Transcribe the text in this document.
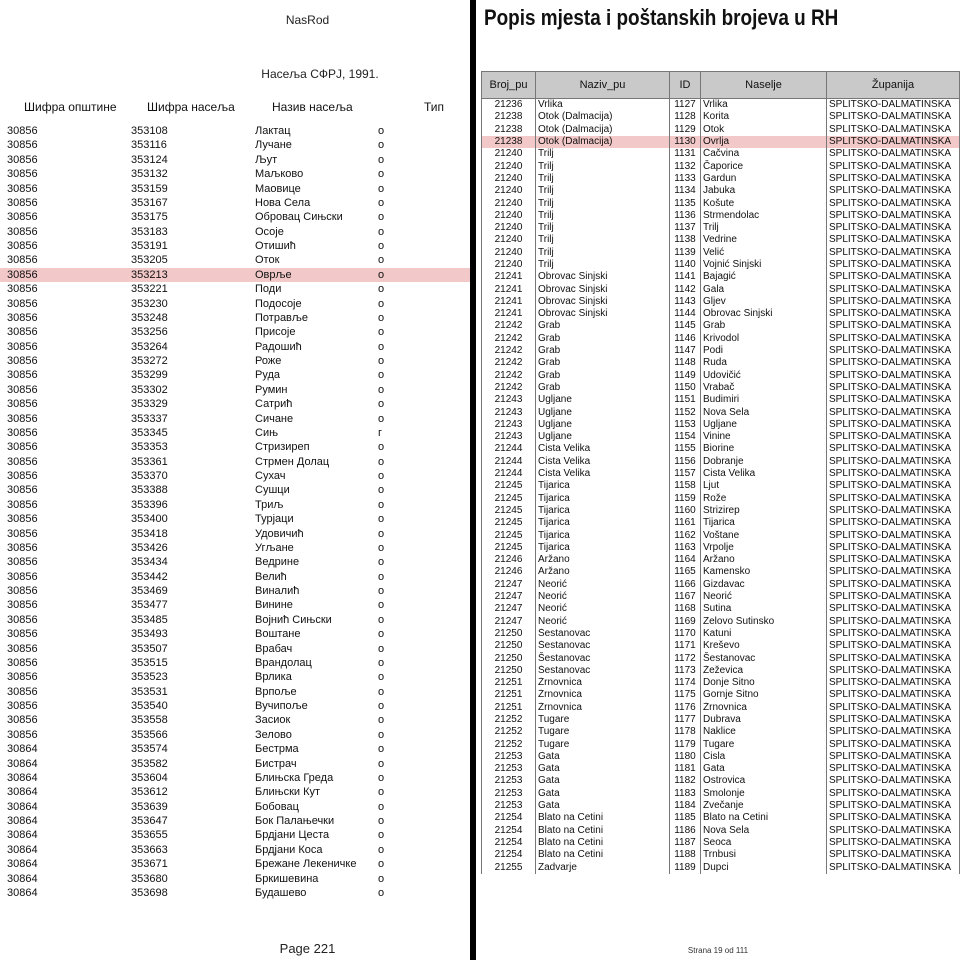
NasRod
Насеља СФРЈ, 1991.
Шифра општине	Шифра насеља	Назив насеља	Тип
30856	353108	Лактац	о
30856	353116	Лучане	о
30856	353124	Љут	о
30856	353132	Маљково	о
30856	353159	Маовице	о
30856	353167	Нова Села	о
30856	353175	Обровац Сињски	о
30856	353183	Осоје	о
30856	353191	Отишић	о
30856	353205	Оток	о
30856	353213	Оврље	о
30856	353221	Поди	о
30856	353230	Подосоје	о
30856	353248	Потравље	о
30856	353256	Присоје	о
30856	353264	Радошић	о
30856	353272	Роже	о
30856	353299	Руда	о
30856	353302	Румин	о
30856	353329	Сатрић	о
30856	353337	Сичане	о
30856	353345	Сињ	г
30856	353353	Стризиреп	о
30856	353361	Стрмен Долац	о
30856	353370	Сухач	о
30856	353388	Сушци	о
30856	353396	Триљ	о
30856	353400	Турјаци	о
30856	353418	Удовичић	о
30856	353426	Угљане	о
30856	353434	Ведрине	о
30856	353442	Велић	о
30856	353469	Виналић	о
30856	353477	Винине	о
30856	353485	Војнић Сињски	о
30856	353493	Воштане	о
30856	353507	Врабач	о
30856	353515	Врандолац	о
30856	353523	Врлика	о
30856	353531	Врпоље	о
30856	353540	Вучипоље	о
30856	353558	Засиок	о
30856	353566	Зелово	о
30864	353574	Бестрма	о
30864	353582	Бистрач	о
30864	353604	Блињска Греда	о
30864	353612	Блињски Кут	о
30864	353639	Бобовац	о
30864	353647	Бок Палањечки	о
30864	353655	Брдјани Цеста	о
30864	353663	Брдјани Коса	о
30864	353671	Брежане Лекеничке о
30864	353680	Бркишевина	о
30864	353698	Будашево	о
Page 221
Popis mjesta i poštanskih brojeva u RH
Broj_pu	Naziv_pu	ID	Naselje	Županija
21236	Vrlika	1127	Vrlika	SPLITSKO-DALMATINSKA
21238	Otok (Dalmacija)	1128	Korita	SPLITSKO-DALMATINSKA
21238	Otok (Dalmacija)	1129	Otok	SPLITSKO-DALMATINSKA
21238	Otok (Dalmacija)	1130	Ovrlja	SPLITSKO-DALMATINSKA
21240	Trilj	1131	Čačvina	SPLITSKO-DALMATINSKA
21240	Trilj	1132	Čaporice	SPLITSKO-DALMATINSKA
21240	Trilj	1133	Gardun	SPLITSKO-DALMATINSKA
21240	Trilj	1134	Jabuka	SPLITSKO-DALMATINSKA
21240	Trilj	1135	Košute	SPLITSKO-DALMATINSKA
21240	Trilj	1136	Strmendolac	SPLITSKO-DALMATINSKA
21240	Trilj	1137	Trilj	SPLITSKO-DALMATINSKA
21240	Trilj	1138	Vedrine	SPLITSKO-DALMATINSKA
21240	Trilj	1139	Velić	SPLITSKO-DALMATINSKA
21240	Trilj	1140	Vojnić Sinjski	SPLITSKO-DALMATINSKA
21241	Obrovac Sinjski	1141	Bajagić	SPLITSKO-DALMATINSKA
21241	Obrovac Sinjski	1142	Gala	SPLITSKO-DALMATINSKA
21241	Obrovac Sinjski	1143	Gljev	SPLITSKO-DALMATINSKA
21241	Obrovac Sinjski	1144	Obrovac Sinjski	SPLITSKO-DALMATINSKA
21242	Grab	1145	Grab	SPLITSKO-DALMATINSKA
21242	Grab	1146	Krivodol	SPLITSKO-DALMATINSKA
21242	Grab	1147	Podi	SPLITSKO-DALMATINSKA
21242	Grab	1148	Ruda	SPLITSKO-DALMATINSKA
21242	Grab	1149	Udovičić	SPLITSKO-DALMATINSKA
21242	Grab	1150	Vrabač	SPLITSKO-DALMATINSKA
21243	Ugljane	1151	Budimiri	SPLITSKO-DALMATINSKA
21243	Ugljane	1152	Nova Sela	SPLITSKO-DALMATINSKA
21243	Ugljane	1153	Ugljane	SPLITSKO-DALMATINSKA
21243	Ugljane	1154	Vinine	SPLITSKO-DALMATINSKA
21244	Cista Velika	1155	Biorine	SPLITSKO-DALMATINSKA
21244	Cista Velika	1156	Dobranje	SPLITSKO-DALMATINSKA
21244	Cista Velika	1157	Cista Velika	SPLITSKO-DALMATINSKA
21245	Tijarica	1158	Ljut	SPLITSKO-DALMATINSKA
21245	Tijarica	1159	Rože	SPLITSKO-DALMATINSKA
21245	Tijarica	1160	Strizirep	SPLITSKO-DALMATINSKA
21245	Tijarica	1161	Tijarica	SPLITSKO-DALMATINSKA
21245	Tijarica	1162	Voštane	SPLITSKO-DALMATINSKA
21245	Tijarica	1163	Vrpolje	SPLITSKO-DALMATINSKA
21246	Aržano	1164	Aržano	SPLITSKO-DALMATINSKA
21246	Aržano	1165	Kamensko	SPLITSKO-DALMATINSKA
21247	Neorić	1166	Gizdavac	SPLITSKO-DALMATINSKA
21247	Neorić	1167	Neorić	SPLITSKO-DALMATINSKA
21247	Neorić	1168	Sutina	SPLITSKO-DALMATINSKA
21247	Neorić	1169	Zelovo Sutinsko	SPLITSKO-DALMATINSKA
21250	Šestanovac	1170	Katuni	SPLITSKO-DALMATINSKA
21250	Šestanovac	1171	Kreševo	SPLITSKO-DALMATINSKA
21250	Šestanovac	1172	Šestanovac	SPLITSKO-DALMATINSKA
21250	Šestanovac	1173	Žeževica	SPLITSKO-DALMATINSKA
21251	Žrnovnica	1174	Donje Sitno	SPLITSKO-DALMATINSKA
21251	Žrnovnica	1175	Gornje Sitno	SPLITSKO-DALMATINSKA
21251	Žrnovnica	1176	Žrnovnica	SPLITSKO-DALMATINSKA
21252	Tugare	1177	Dubrava	SPLITSKO-DALMATINSKA
21252	Tugare	1178	Naklice	SPLITSKO-DALMATINSKA
21252	Tugare	1179	Tugare	SPLITSKO-DALMATINSKA
21253	Gata	1180	Čisla	SPLITSKO-DALMATINSKA
21253	Gata	1181	Gata	SPLITSKO-DALMATINSKA
21253	Gata	1182	Ostrovica	SPLITSKO-DALMATINSKA
21253	Gata	1183	Smolonje	SPLITSKO-DALMATINSKA
21253	Gata	1184	Zvečanje	SPLITSKO-DALMATINSKA
21254	Blato na Cetini	1185	Blato na Cetini	SPLITSKO-DALMATINSKA
21254	Blato na Cetini	1186	Nova Sela	SPLITSKO-DALMATINSKA
21254	Blato na Cetini	1187	Seoca	SPLITSKO-DALMATINSKA
21254	Blato na Cetini	1188	Trnbusi	SPLITSKO-DALMATINSKA
21255	Zadvarje	1189	Dupci	SPLITSKO-DALMATINSKA
Strana 19 od 111
